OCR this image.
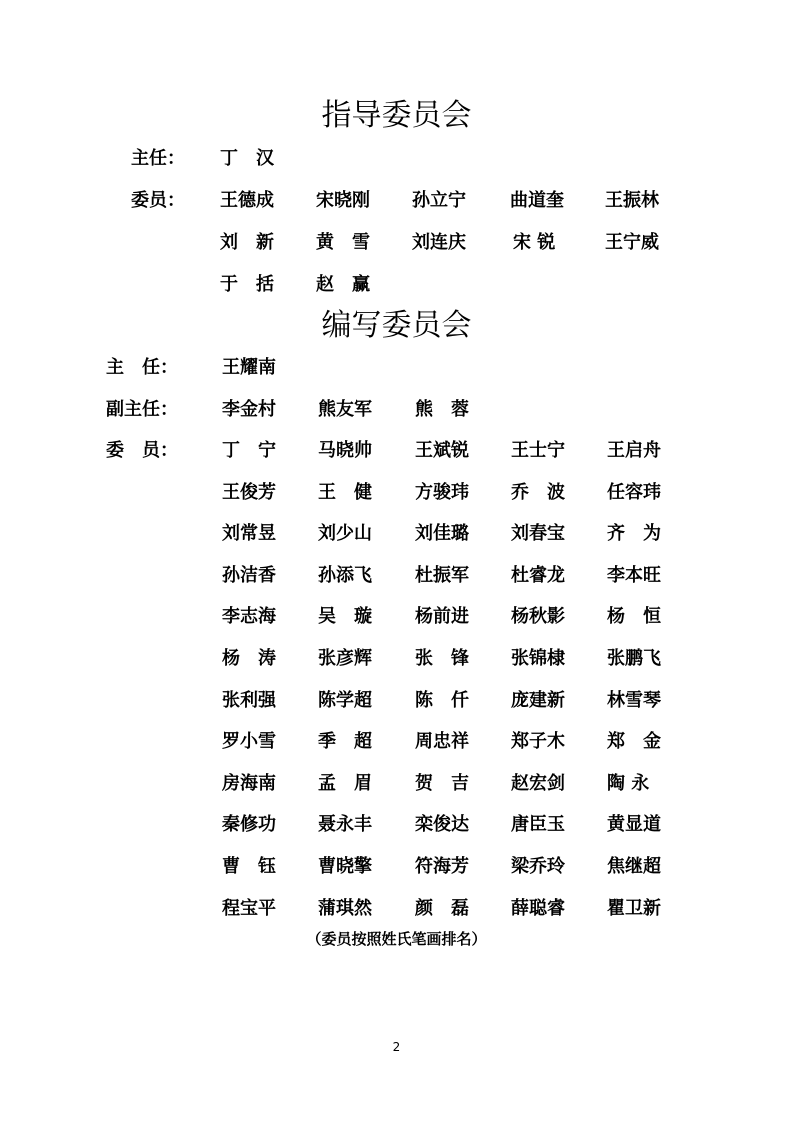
指导委员会
主任： 丁　汉
委员： 王德成 宋晓刚 孙立宁 曲道奎 王振林
刘　新 黄　雪 刘连庆	宋 锐	王宁威
于　括 赵　赢
编写委员会
主　任： 王耀南
副主任： 李金村 熊友军 熊　蓉
委　员： 丁　宁 马晓帅 王斌锐 王士宁 王启舟
王俊芳 王　健 方骏玮 乔　波 任容玮
刘常昱 刘少山 刘佳璐 刘春宝 齐　为
孙洁香 孙添飞 杜振军 杜睿龙 李本旺
李志海 吴　璇 杨前进 杨秋影 杨　恒
杨　涛 张彦辉 张　锋 张锦棣 张鹏飞
张利强 陈学超 陈　仟 庞建新 林雪琴
罗小雪 季　超 周忠祥 郑子木 郑　金
房海南 孟　眉 贺　吉 赵宏剑 陶 永
秦修功 聂永丰 栾俊达 唐臣玉 黄显道
曹　钰 曹晓擎 符海芳 梁乔玲 焦继超
程宝平 蒲琪然 颜　磊 薛聪睿 瞿卫新
（委员按照姓氏笔画排名）
2
